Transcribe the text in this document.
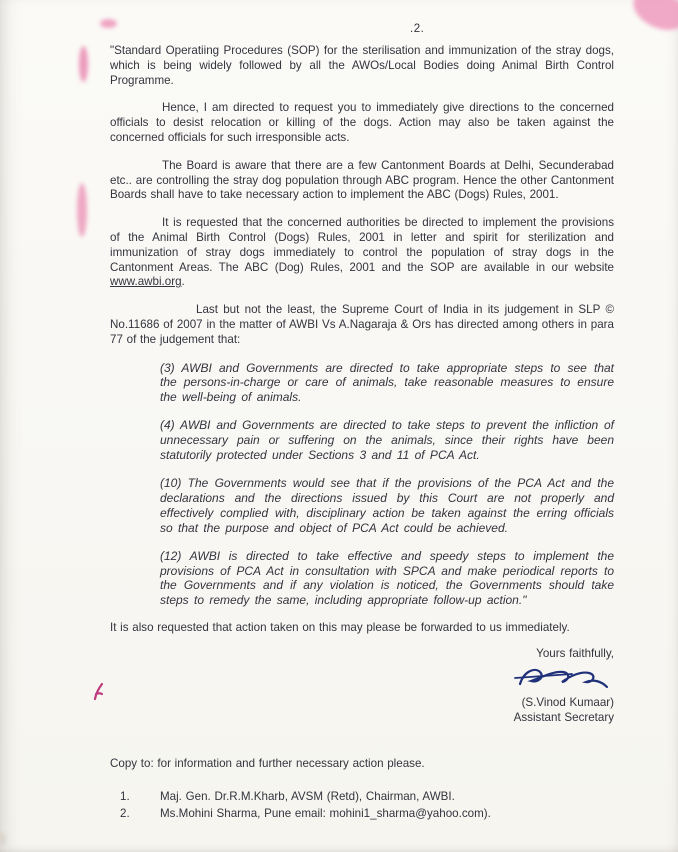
.2.

"Standard Operatiing Procedures (SOP) for the sterilisation and immunization of the stray dogs, which is being widely followed by all the AWOs/Local Bodies doing Animal Birth Control Programme.

Hence, I am directed to request you to immediately give directions to the concerned officials to desist relocation or killing of the dogs. Action may also be taken against the concerned officials for such irresponsible acts.

The Board is aware that there are a few Cantonment Boards at Delhi, Secunderabad etc.. are controlling the stray dog population through ABC program. Hence the other Cantonment Boards shall have to take necessary action to implement the ABC (Dogs) Rules, 2001.

It is requested that the concerned authorities be directed to implement the provisions of the Animal Birth Control (Dogs) Rules, 2001 in letter and spirit for sterilization and immunization of stray dogs immediately to control the population of stray dogs in the Cantonment Areas. The ABC (Dog) Rules, 2001 and the SOP are available in our website www.awbi.org.

Last but not the least, the Supreme Court of India in its judgement in SLP © No.11686 of 2007 in the matter of AWBI Vs A.Nagaraja & Ors has directed among others in para 77 of the judgement that:

(3) AWBI and Governments are directed to take appropriate steps to see that the persons-in-charge or care of animals, take reasonable measures to ensure the well-being of animals.
(4) AWBI and Governments are directed to take steps to prevent the infliction of unnecessary pain or suffering on the animals, since their rights have been statutorily protected under Sections 3 and 11 of PCA Act.
(10) The Governments would see that if the provisions of the PCA Act and the declarations and the directions issued by this Court are not properly and effectively complied with, disciplinary action be taken against the erring officials so that the purpose and object of PCA Act could be achieved.
(12) AWBI is directed to take effective and speedy steps to implement the provisions of PCA Act in consultation with SPCA and make periodical reports to the Governments and if any violation is noticed, the Governments should take steps to remedy the same, including appropriate follow-up action."

It is also requested that action taken on this may please be forwarded to us immediately.

Yours faithfully,
(S.Vinod Kumaar)
Assistant Secretary
Copy to: for information and further necessary action please.
1.	Maj. Gen. Dr.R.M.Kharb, AVSM (Retd), Chairman, AWBI.
2.	Ms.Mohini Sharma, Pune email: mohini1_sharma@yahoo.com).
